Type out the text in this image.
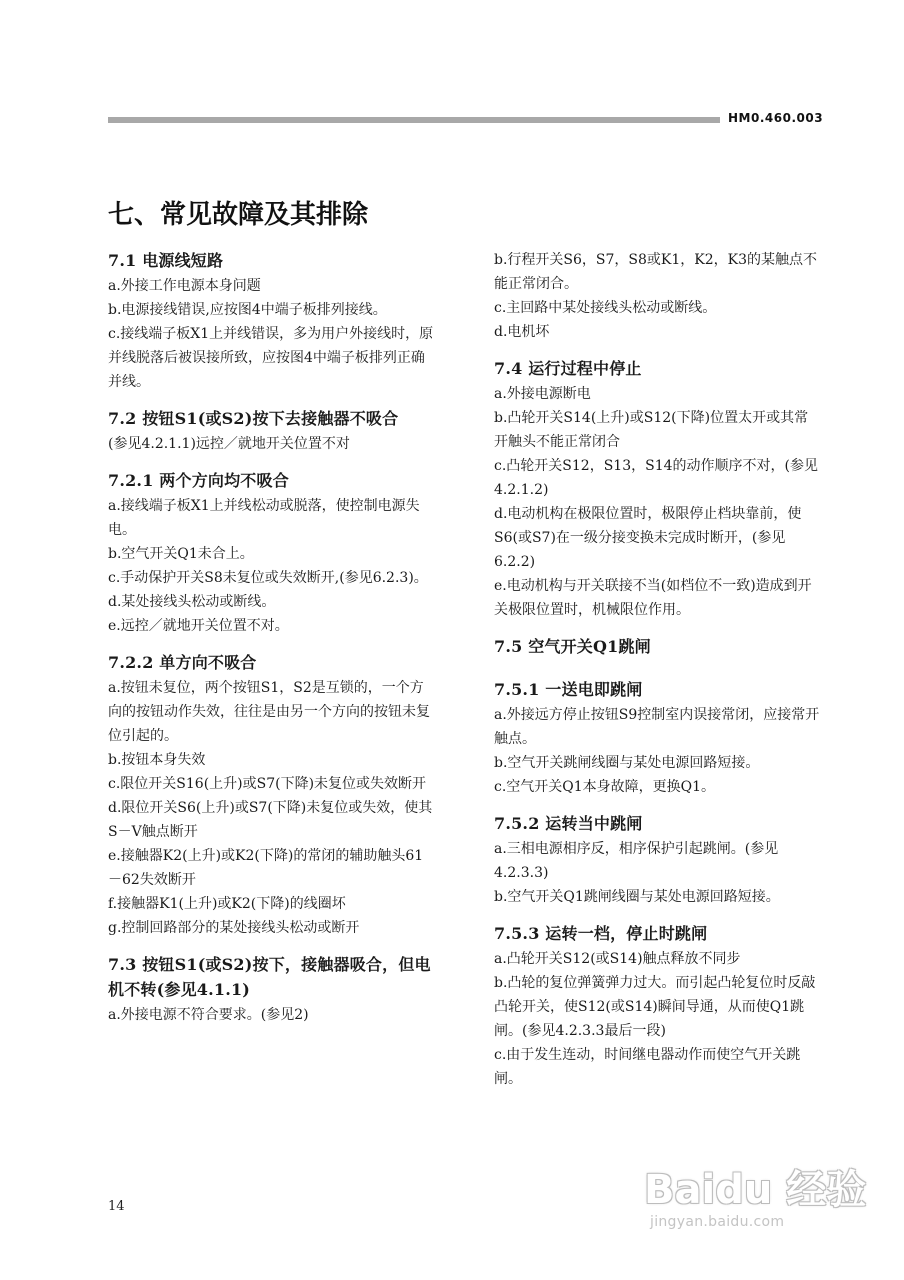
HM0.460.003
七、常见故障及其排除
7.1 电源线短路

a.外接工作电源本身问题

b.电源接线错误,应按图4中端子板排列接线。

c.接线端子板X1上并线错误，多为用户外接线时，原并线脱落后被误接所致，应按图4中端子板排列正确并线。

7.2 按钮S1(或S2)按下去接触器不吸合

(参见4.2.1.1)远控／就地开关位置不对

7.2.1 两个方向均不吸合

a.接线端子板X1上并线松动或脱落，使控制电源失电。

b.空气开关Q1未合上。

c.手动保护开关S8未复位或失效断开,(参见6.2.3)。

d.某处接线头松动或断线。

e.远控／就地开关位置不对。

7.2.2 单方向不吸合

a.按钮未复位，两个按钮S1，S2是互锁的，一个方向的按钮动作失效，往往是由另一个方向的按钮未复位引起的。

b.按钮本身失效

c.限位开关S16(上升)或S7(下降)未复位或失效断开

d.限位开关S6(上升)或S7(下降)未复位或失效，使其S－V触点断开

e.接触器K2(上升)或K2(下降)的常闭的辅助触头61－62失效断开

f.接触器K1(上升)或K2(下降)的线圈坏

g.控制回路部分的某处接线头松动或断开

7.3 按钮S1(或S2)按下，接触器吸合，但电机不转(参见4.1.1)

a.外接电源不符合要求。(参见2)

b.行程开关S6，S7，S8或K1，K2，K3的某触点不能正常闭合。

c.主回路中某处接线头松动或断线。

d.电机坏

7.4 运行过程中停止

a.外接电源断电

b.凸轮开关S14(上升)或S12(下降)位置太开或其常开触头不能正常闭合

c.凸轮开关S12，S13，S14的动作顺序不对，(参见4.2.1.2)

d.电动机构在极限位置时，极限停止档块靠前，使S6(或S7)在一级分接变换未完成时断开，(参见6.2.2)

e.电动机构与开关联接不当(如档位不一致)造成到开关极限位置时，机械限位作用。

7.5 空气开关Q1跳闸
7.5.1 一送电即跳闸

a.外接远方停止按钮S9控制室内误接常闭，应接常开触点。

b.空气开关跳闸线圈与某处电源回路短接。

c.空气开关Q1本身故障，更换Q1。

7.5.2 运转当中跳闸

a.三相电源相序反，相序保护引起跳闸。(参见4.2.3.3)

b.空气开关Q1跳闸线圈与某处电源回路短接。

7.5.3 运转一档，停止时跳闸

a.凸轮开关S12(或S14)触点释放不同步

b.凸轮的复位弹簧弹力过大。而引起凸轮复位时反敲凸轮开关，使S12(或S14)瞬间导通，从而使Q1跳闸。(参见4.2.3.3最后一段)

c.由于发生连动，时间继电器动作而使空气开关跳闸。

14	Baidu 经验
jingyan.baidu.com
